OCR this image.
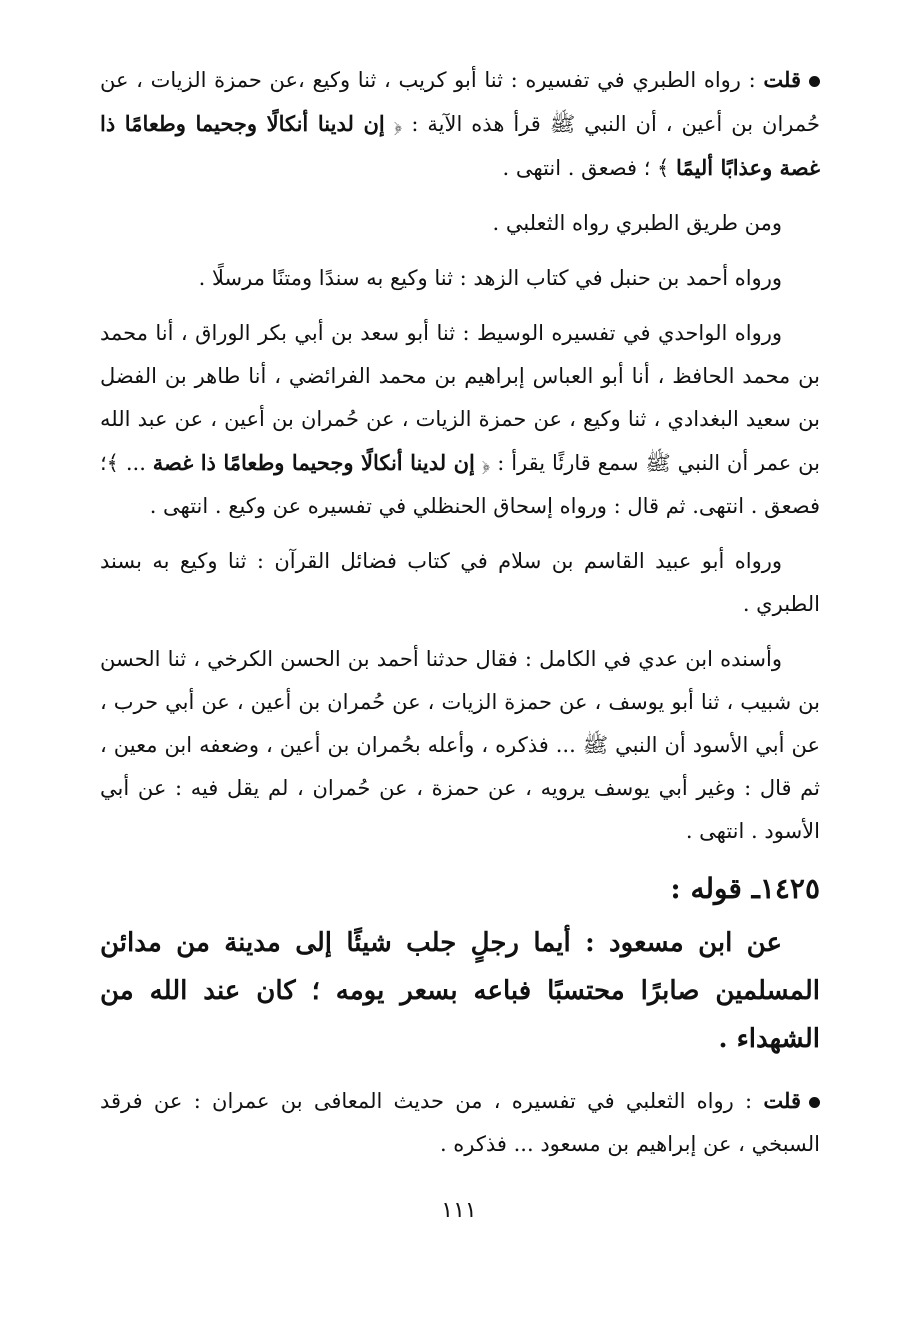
قلت : رواه الطبري في تفسيره : ثنا أبو كريب ، ثنا وكيع ،عن حمزة الزيات ، عن حُمران بن أعين ، أن النبي ﷺ قرأ هذه الآية : ﴿ إن لدينا أنكالًا وجحيما وطعامًا ذا غصة وعذابًا أليمًا ﴾ ؛ فصعق . انتهى .

ومن طريق الطبري رواه الثعلبي .

ورواه أحمد بن حنبل في كتاب الزهد : ثنا وكيع به سندًا ومتنًا مرسلًا .

ورواه الواحدي في تفسيره الوسيط : ثنا أبو سعد بن أبي بكر الوراق ، أنا محمد بن محمد الحافظ ، أنا أبو العباس إبراهيم بن محمد الفرائضي ، أنا طاهر بن الفضل بن سعيد البغدادي ، ثنا وكيع ، عن حمزة الزيات ، عن حُمران بن أعين ، عن عبد الله بن عمر أن النبي ﷺ سمع قارئًا يقرأ : ﴿ إن لدينا أنكالًا وجحيما وطعامًا ذا غصة ... ﴾؛ فصعق . انتهى. ثم قال : ورواه إسحاق الحنظلي في تفسيره عن وكيع . انتهى .

ورواه أبو عبيد القاسم بن سلام في كتاب فضائل القرآن : ثنا وكيع به بسند الطبري .

وأسنده ابن عدي في الكامل : فقال حدثنا أحمد بن الحسن الكرخي ، ثنا الحسن بن شبيب ، ثنا أبو يوسف ، عن حمزة الزيات ، عن حُمران بن أعين ، عن أبي حرب ، عن أبي الأسود أن النبي ﷺ ... فذكره ، وأعله بحُمران بن أعين ، وضعفه ابن معين ، ثم قال : وغير أبي يوسف يرويه ، عن حمزة ، عن حُمران ، لم يقل فيه : عن أبي الأسود . انتهى .

١٤٢٥ـ قوله :

عن ابن مسعود : أيما رجلٍ جلب شيئًا إلى مدينة من مدائن المسلمين صابرًا محتسبًا فباعه بسعر يومه ؛ كان عند الله من الشهداء .

قلت : رواه الثعلبي في تفسيره ، من حديث المعافى بن عمران : عن فرقد السبخي ، عن إبراهيم بن مسعود ... فذكره .

١١١
